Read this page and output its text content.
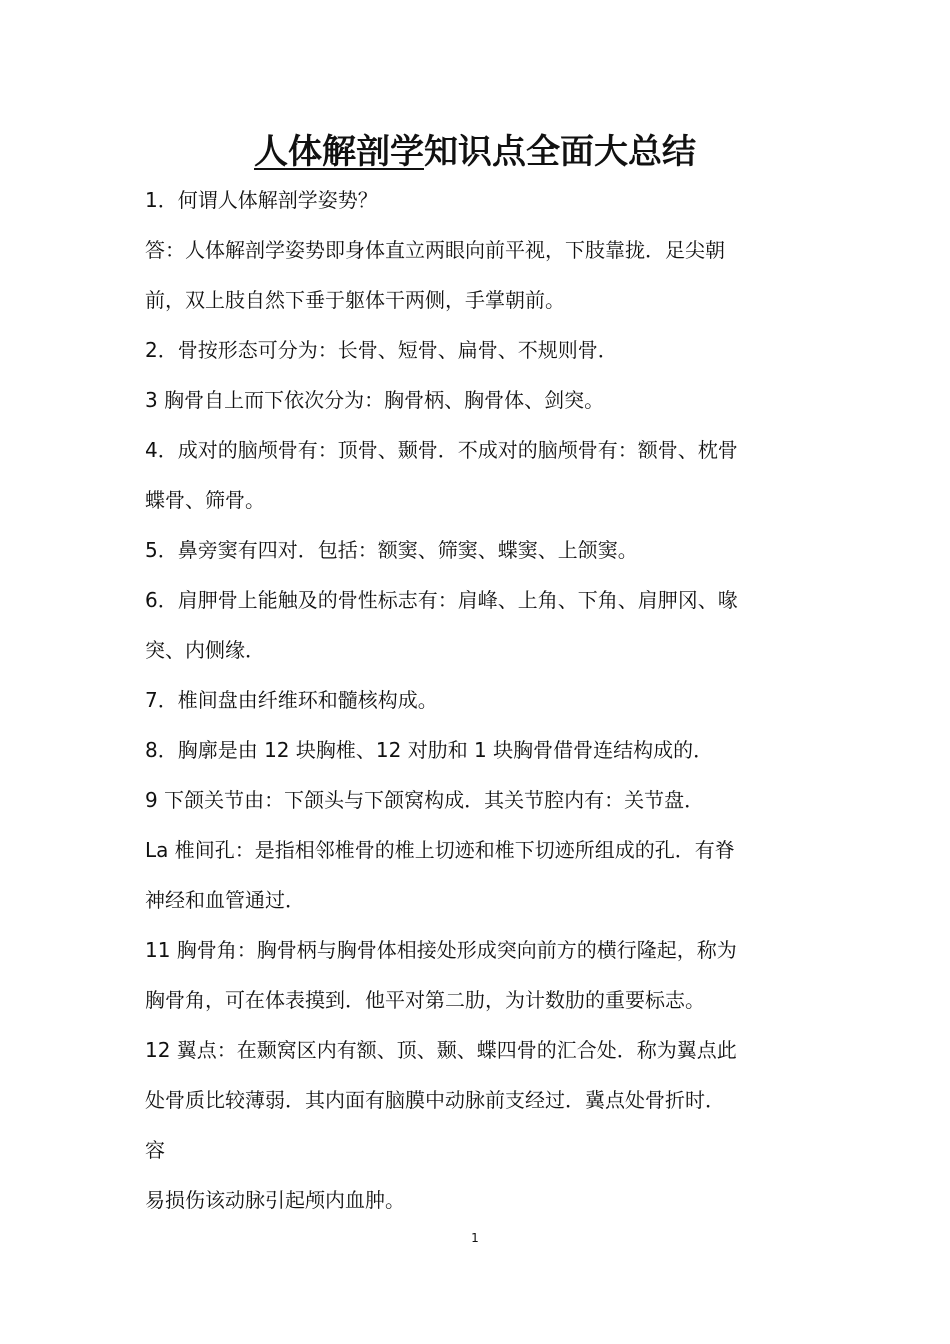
人体解剖学知识点全面大总结
1．何谓人体解剖学姿势？
答：人体解剖学姿势即身体直立两眼向前平视，下肢靠拢．足尖朝
前，双上肢自然下垂于躯体干两侧，手掌朝前。
2．骨按形态可分为：长骨、短骨、扁骨、不规则骨．
3 胸骨自上而下依次分为：胸骨柄、胸骨体、剑突。
4．成对的脑颅骨有：顶骨、颞骨．不成对的脑颅骨有：额骨、枕骨
蝶骨、筛骨。
5．鼻旁窦有四对．包括：额窦、筛窦、蝶窦、上颌窦。
6．肩胛骨上能触及的骨性标志有：肩峰、上角、下角、肩胛冈、喙
突、内侧缘．
7．椎间盘由纤维环和髓核构成。
8．胸廓是由 12 块胸椎、12 对肋和 1 块胸骨借骨连结构成的．
9 下颌关节由：下颌头与下颌窝构成．其关节腔内有：关节盘．
La 椎间孔：是指相邻椎骨的椎上切迹和椎下切迹所组成的孔．有脊
神经和血管通过．
11 胸骨角：胸骨柄与胸骨体相接处形成突向前方的横行隆起，称为
胸骨角，可在体表摸到．他平对第二肋，为计数肋的重要标志。
12 翼点：在颞窝区内有额、顶、颞、蝶四骨的汇合处．称为翼点此
处骨质比较薄弱．其内面有脑膜中动脉前支经过．冀点处骨折时．
容
易损伤该动脉引起颅内血肿。
1
